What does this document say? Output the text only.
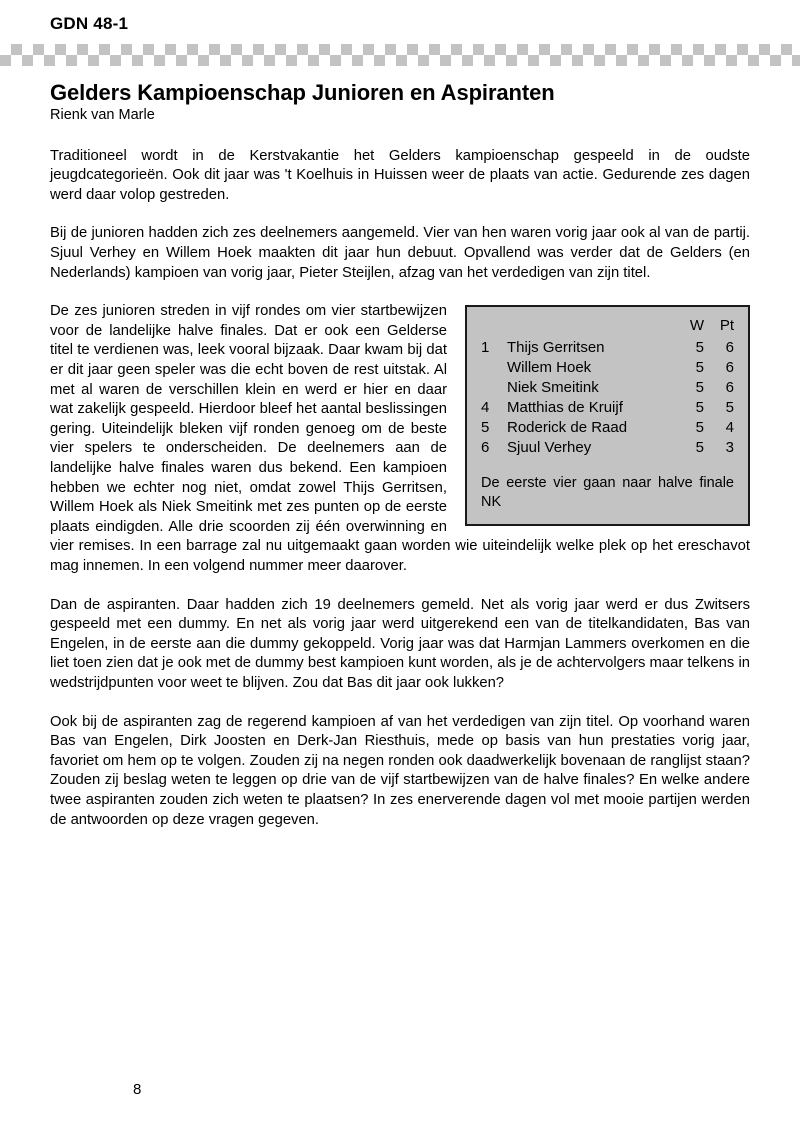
GDN 48-1
Gelders Kampioenschap Junioren en Aspiranten
Rienk van Marle

Traditioneel wordt in de Kerstvakantie het Gelders kampioenschap gespeeld in de oudste jeugdcategorieën. Ook dit jaar was 't Koelhuis in Huissen weer de plaats van actie. Gedurende zes dagen werd daar volop gestreden.

Bij de junioren hadden zich zes deelnemers aangemeld. Vier van hen waren vorig jaar ook al van de partij. Sjuul Verhey en Willem Hoek maakten dit jaar hun debuut. Opvallend was verder dat de Gelders (en Nederlands) kampioen van vorig jaar, Pieter Steijlen, afzag van het verdedigen van zijn titel.

		W	Pt
1	Thijs Gerritsen	5	6
	Willem Hoek	5	6
	Niek Smeitink	5	6
4	Matthias de Kruijf	5	5
5	Roderick de Raad	5	4
6	Sjuul Verhey	5	3

De eerste vier gaan naar halve finale NK

De zes junioren streden in vijf rondes om vier startbewijzen voor de landelijke halve finales. Dat er ook een Gelderse titel te verdienen was, leek vooral bijzaak. Daar kwam bij dat er dit jaar geen speler was die echt boven de rest uitstak. Al met al waren de verschillen klein en werd er hier en daar wat zakelijk gespeeld. Hierdoor bleef het aantal beslissingen gering. Uiteindelijk bleken vijf ronden genoeg om de beste vier spelers te onderscheiden. De deelnemers aan de landelijke halve finales waren dus bekend. Een kampioen hebben we echter nog niet, omdat zowel Thijs Gerritsen, Willem Hoek als Niek Smeitink met zes punten op de eerste plaats eindigden. Alle drie scoorden zij één overwinning en vier remises. In een barrage zal nu uitgemaakt gaan worden wie uiteindelijk welke plek op het ereschavot mag innemen. In een volgend nummer meer daarover.

Dan de aspiranten. Daar hadden zich 19 deelnemers gemeld. Net als vorig jaar werd er dus Zwitsers gespeeld met een dummy. En net als vorig jaar werd uitgerekend een van de titelkandidaten, Bas van Engelen, in de eerste aan die dummy gekoppeld. Vorig jaar was dat Harmjan Lammers overkomen en die liet toen zien dat je ook met de dummy best kampioen kunt worden, als je de achtervolgers maar telkens in wedstrijdpunten voor weet te blijven. Zou dat Bas dit jaar ook lukken?

Ook bij de aspiranten zag de regerend kampioen af van het verdedigen van zijn titel. Op voorhand waren Bas van Engelen, Dirk Joosten en Derk-Jan Riesthuis, mede op basis van hun prestaties vorig jaar, favoriet om hem op te volgen. Zouden zij na negen ronden ook daadwerkelijk bovenaan de ranglijst staan? Zouden zij beslag weten te leggen op drie van de vijf startbewijzen van de halve finales? En welke andere twee aspiranten zouden zich weten te plaatsen? In zes enerverende dagen vol met mooie partijen werden de antwoorden op deze vragen gegeven.

8
